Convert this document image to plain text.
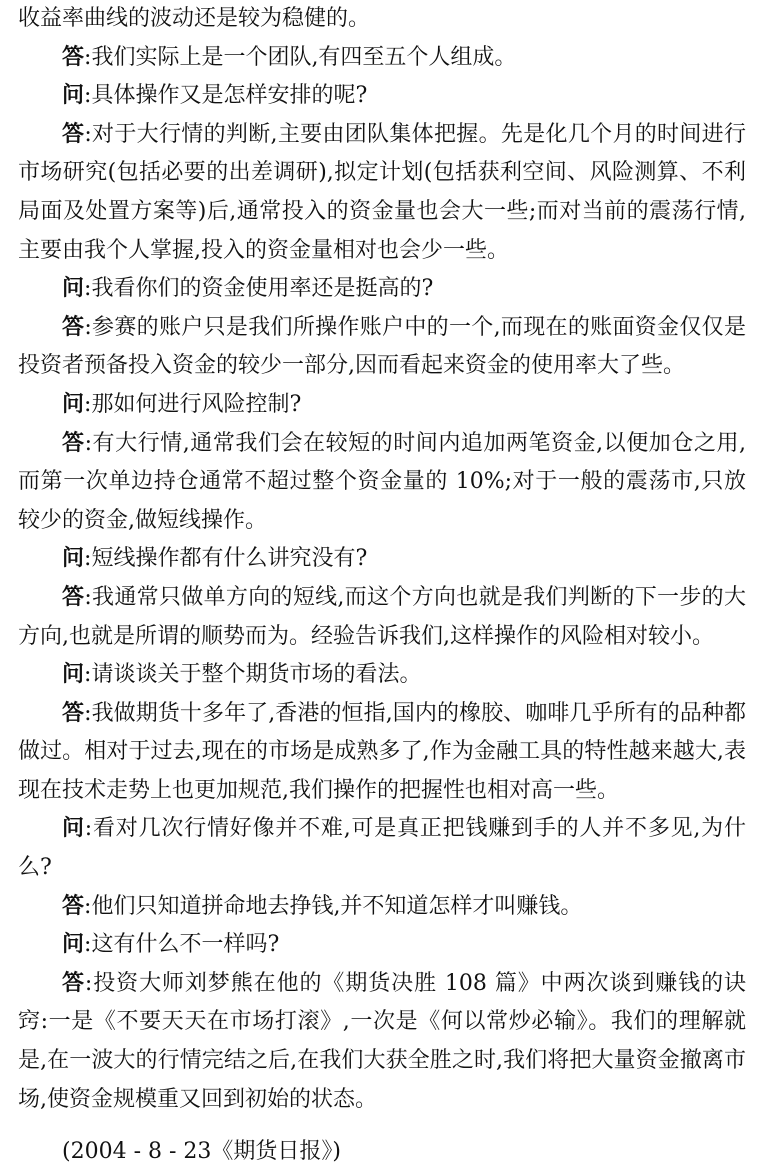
收益率曲线的波动还是较为稳健的。

答:我们实际上是一个团队,有四至五个人组成。

问:具体操作又是怎样安排的呢?

答:对于大行情的判断,主要由团队集体把握。先是化几个月的时间进行市场研究(包括必要的出差调研),拟定计划(包括获利空间、风险测算、不利局面及处置方案等)后,通常投入的资金量也会大一些;而对当前的震荡行情,主要由我个人掌握,投入的资金量相对也会少一些。

问:我看你们的资金使用率还是挺高的?

答:参赛的账户只是我们所操作账户中的一个,而现在的账面资金仅仅是投资者预备投入资金的较少一部分,因而看起来资金的使用率大了些。

问:那如何进行风险控制?

答:有大行情,通常我们会在较短的时间内追加两笔资金,以便加仓之用,而第一次单边持仓通常不超过整个资金量的 10%;对于一般的震荡市,只放较少的资金,做短线操作。

问:短线操作都有什么讲究没有?

答:我通常只做单方向的短线,而这个方向也就是我们判断的下一步的大方向,也就是所谓的顺势而为。经验告诉我们,这样操作的风险相对较小。

问:请谈谈关于整个期货市场的看法。

答:我做期货十多年了,香港的恒指,国内的橡胶、咖啡几乎所有的品种都做过。相对于过去,现在的市场是成熟多了,作为金融工具的特性越来越大,表现在技术走势上也更加规范,我们操作的把握性也相对高一些。

问:看对几次行情好像并不难,可是真正把钱赚到手的人并不多见,为什么?

答:他们只知道拼命地去挣钱,并不知道怎样才叫赚钱。

问:这有什么不一样吗?

答:投资大师刘梦熊在他的《期货决胜 108 篇》中两次谈到赚钱的诀窍:一是《不要天天在市场打滚》,一次是《何以常炒必输》。我们的理解就是,在一波大的行情完结之后,在我们大获全胜之时,我们将把大量资金撤离市场,使资金规模重又回到初始的状态。

(2004 - 8 - 23《期货日报》)
